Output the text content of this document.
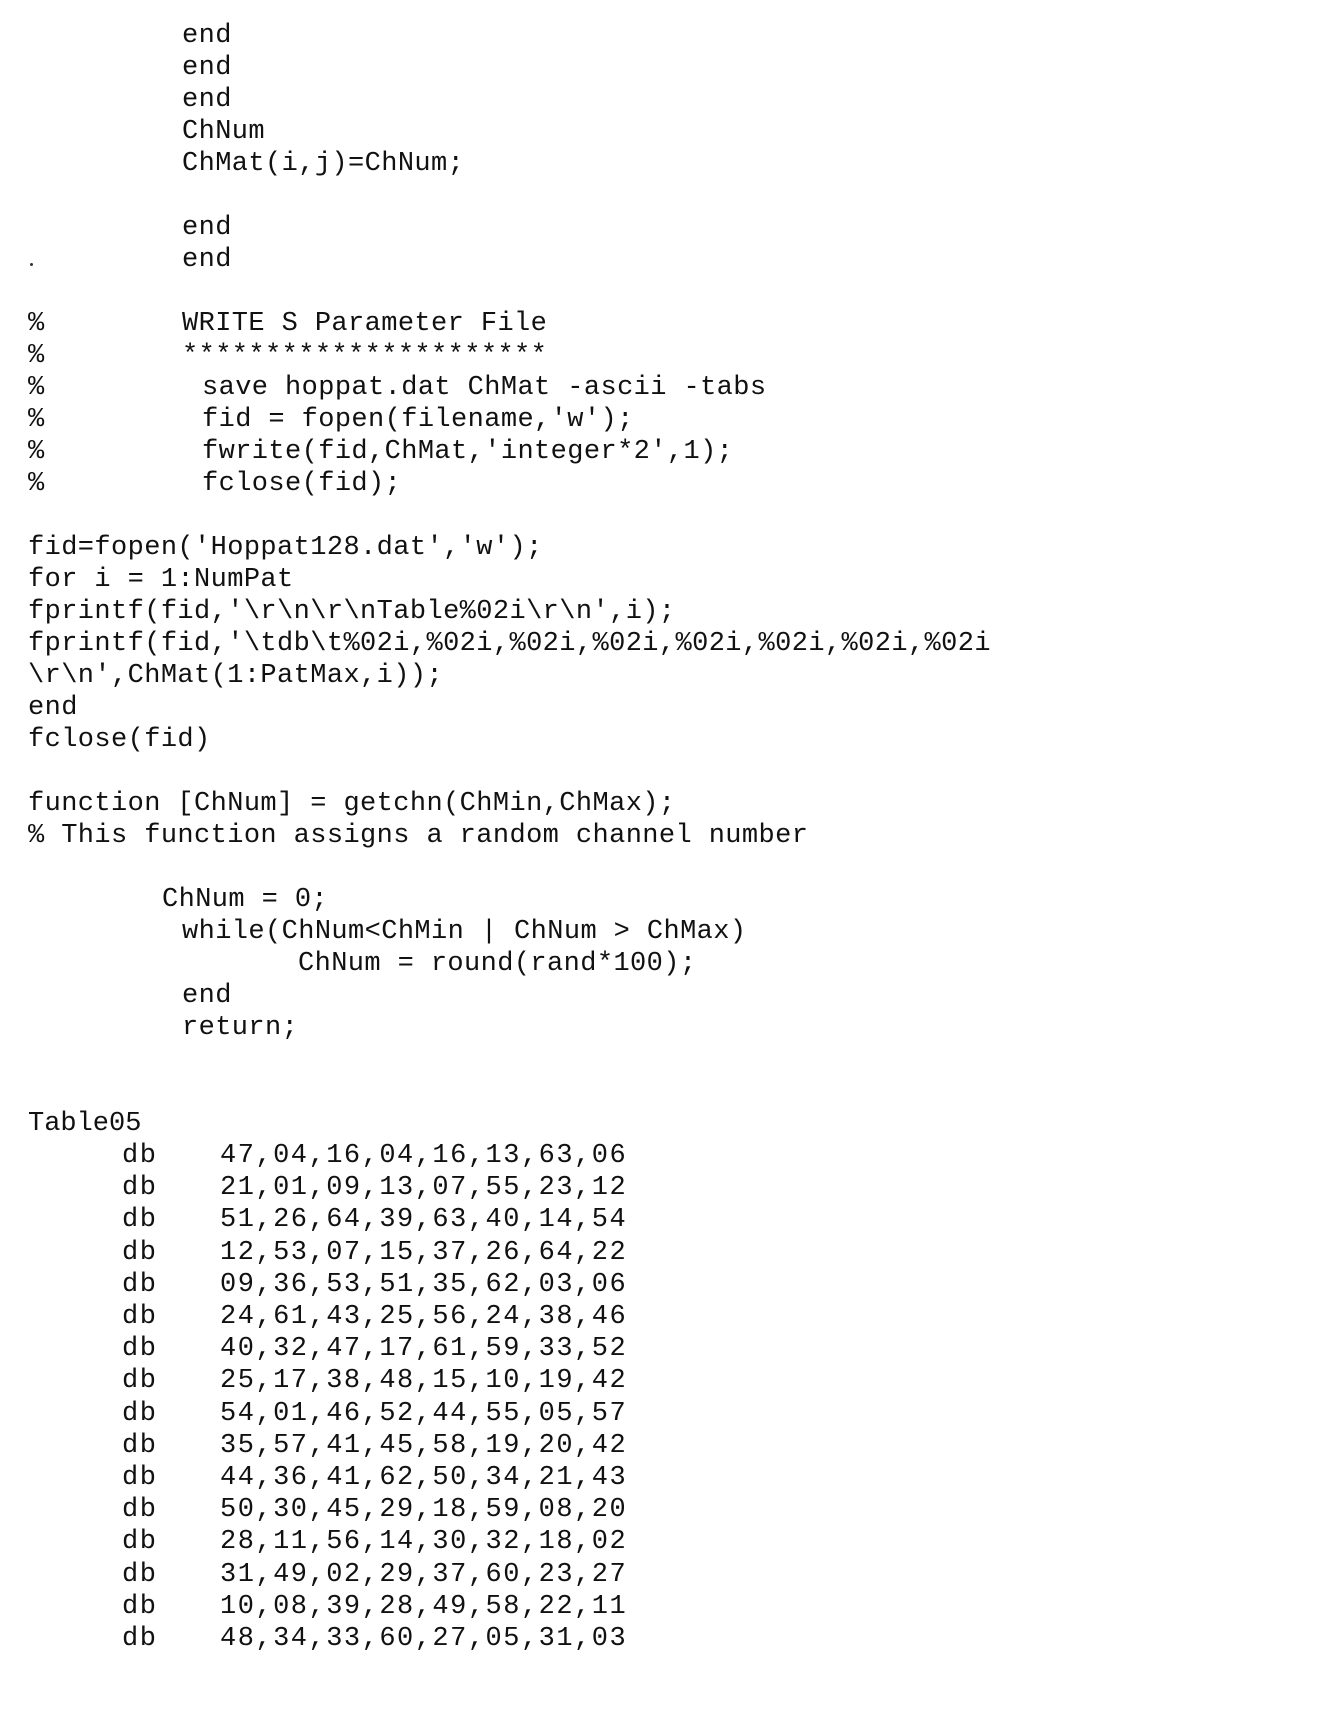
end
end
end
ChNum
ChMat(i,j)=ChNum;
end
end
%	WRITE S Parameter File
%	**********************
%	save hoppat.dat ChMat -ascii -tabs
%	fid = fopen(filename,'w');
%	fwrite(fid,ChMat,'integer*2',1);
%	fclose(fid);
fid=fopen('Hoppat128.dat','w');
for i = 1:NumPat
fprintf(fid,'\r\n\r\nTable%02i\r\n',i);
fprintf(fid,'\tdb\t%02i,%02i,%02i,%02i,%02i,%02i,%02i,%02i
\r\n',ChMat(1:PatMax,i));
end
fclose(fid)
function [ChNum] = getchn(ChMin,ChMax);
% This function assigns a random channel number
ChNum = 0;
while(ChNum<ChMin | ChNum > ChMax)
ChNum = round(rand*100);
end
return;
Table05
db 47,04,16,04,16,13,63,06
db 21,01,09,13,07,55,23,12
db 51,26,64,39,63,40,14,54
db 12,53,07,15,37,26,64,22
db 09,36,53,51,35,62,03,06
db 24,61,43,25,56,24,38,46
db 40,32,47,17,61,59,33,52
db 25,17,38,48,15,10,19,42
db 54,01,46,52,44,55,05,57
db 35,57,41,45,58,19,20,42
db 44,36,41,62,50,34,21,43
db 50,30,45,29,18,59,08,20
db 28,11,56,14,30,32,18,02
db 31,49,02,29,37,60,23,27
db 10,08,39,28,49,58,22,11
db 48,34,33,60,27,05,31,03
